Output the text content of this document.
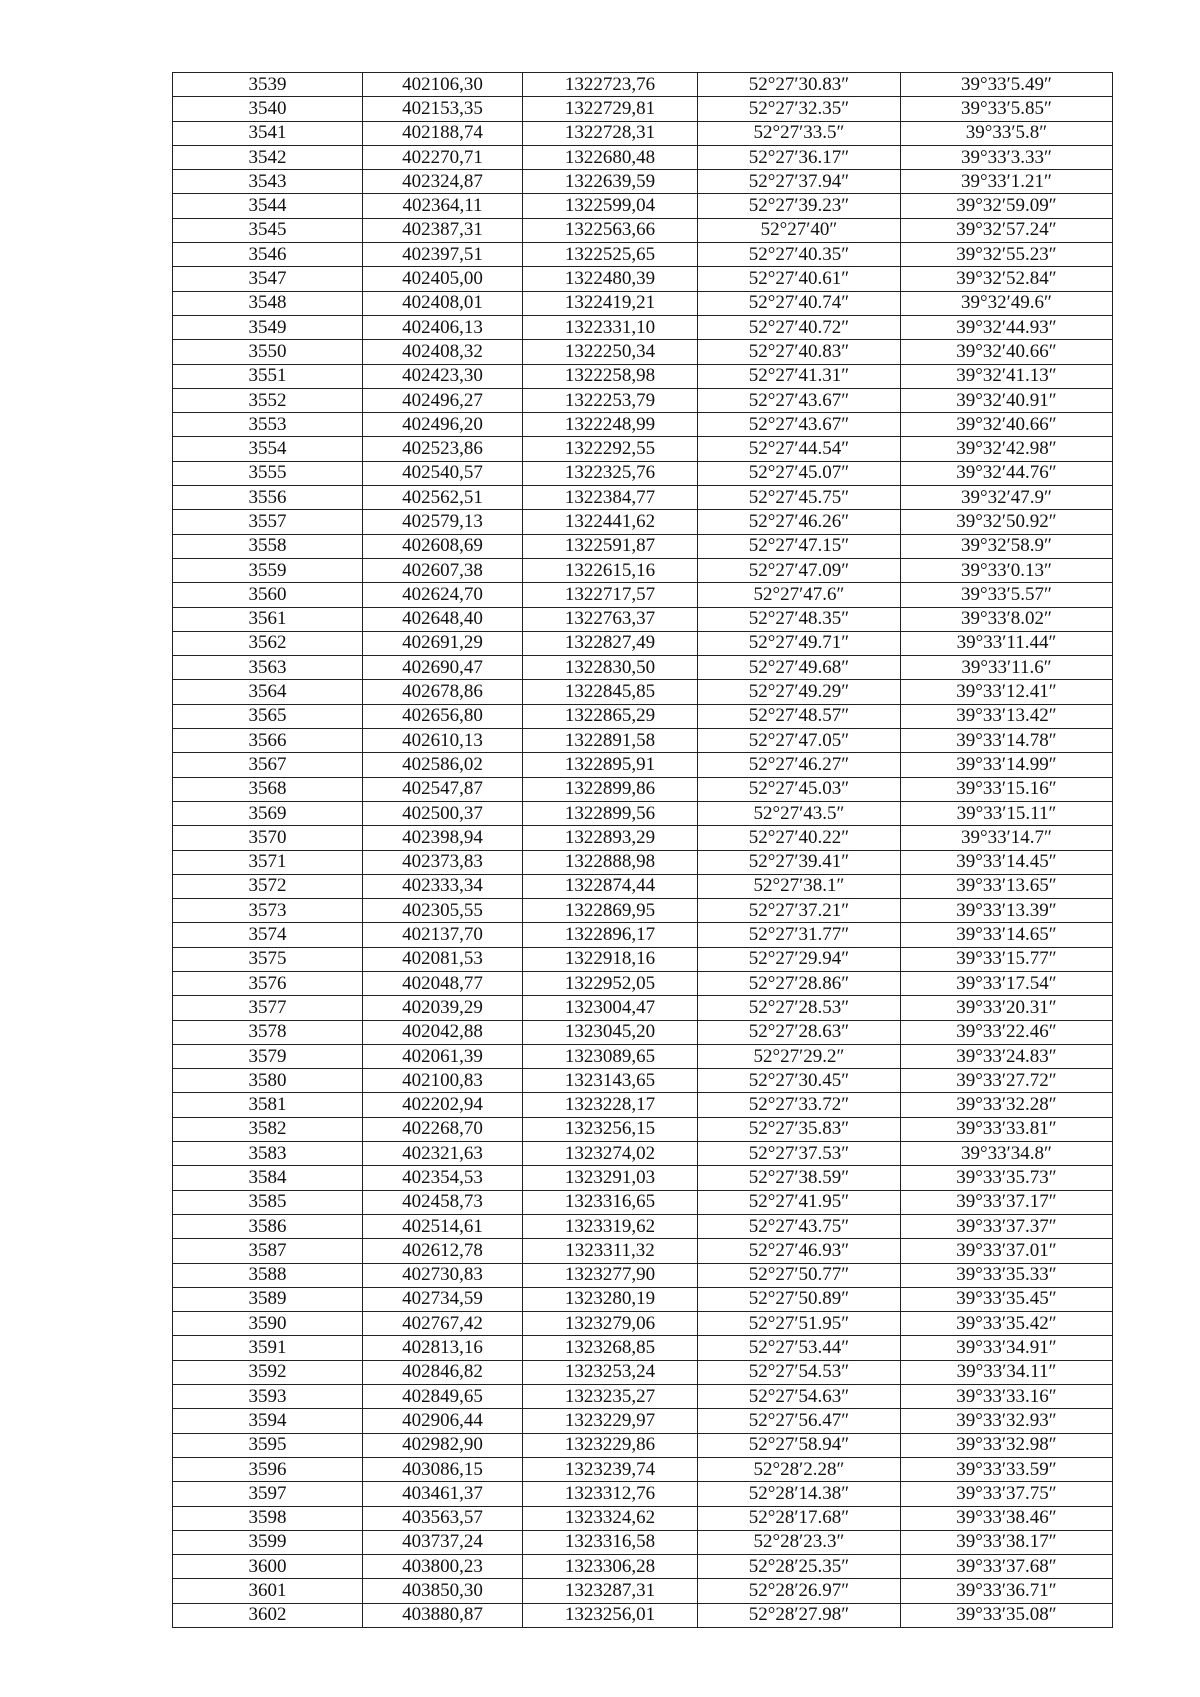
3539	402106,30	1322723,76	52°27′30.83″	39°33′5.49″
3540	402153,35	1322729,81	52°27′32.35″	39°33′5.85″
3541	402188,74	1322728,31	52°27′33.5″	39°33′5.8″
3542	402270,71	1322680,48	52°27′36.17″	39°33′3.33″
3543	402324,87	1322639,59	52°27′37.94″	39°33′1.21″
3544	402364,11	1322599,04	52°27′39.23″	39°32′59.09″
3545	402387,31	1322563,66	52°27′40″	39°32′57.24″
3546	402397,51	1322525,65	52°27′40.35″	39°32′55.23″
3547	402405,00	1322480,39	52°27′40.61″	39°32′52.84″
3548	402408,01	1322419,21	52°27′40.74″	39°32′49.6″
3549	402406,13	1322331,10	52°27′40.72″	39°32′44.93″
3550	402408,32	1322250,34	52°27′40.83″	39°32′40.66″
3551	402423,30	1322258,98	52°27′41.31″	39°32′41.13″
3552	402496,27	1322253,79	52°27′43.67″	39°32′40.91″
3553	402496,20	1322248,99	52°27′43.67″	39°32′40.66″
3554	402523,86	1322292,55	52°27′44.54″	39°32′42.98″
3555	402540,57	1322325,76	52°27′45.07″	39°32′44.76″
3556	402562,51	1322384,77	52°27′45.75″	39°32′47.9″
3557	402579,13	1322441,62	52°27′46.26″	39°32′50.92″
3558	402608,69	1322591,87	52°27′47.15″	39°32′58.9″
3559	402607,38	1322615,16	52°27′47.09″	39°33′0.13″
3560	402624,70	1322717,57	52°27′47.6″	39°33′5.57″
3561	402648,40	1322763,37	52°27′48.35″	39°33′8.02″
3562	402691,29	1322827,49	52°27′49.71″	39°33′11.44″
3563	402690,47	1322830,50	52°27′49.68″	39°33′11.6″
3564	402678,86	1322845,85	52°27′49.29″	39°33′12.41″
3565	402656,80	1322865,29	52°27′48.57″	39°33′13.42″
3566	402610,13	1322891,58	52°27′47.05″	39°33′14.78″
3567	402586,02	1322895,91	52°27′46.27″	39°33′14.99″
3568	402547,87	1322899,86	52°27′45.03″	39°33′15.16″
3569	402500,37	1322899,56	52°27′43.5″	39°33′15.11″
3570	402398,94	1322893,29	52°27′40.22″	39°33′14.7″
3571	402373,83	1322888,98	52°27′39.41″	39°33′14.45″
3572	402333,34	1322874,44	52°27′38.1″	39°33′13.65″
3573	402305,55	1322869,95	52°27′37.21″	39°33′13.39″
3574	402137,70	1322896,17	52°27′31.77″	39°33′14.65″
3575	402081,53	1322918,16	52°27′29.94″	39°33′15.77″
3576	402048,77	1322952,05	52°27′28.86″	39°33′17.54″
3577	402039,29	1323004,47	52°27′28.53″	39°33′20.31″
3578	402042,88	1323045,20	52°27′28.63″	39°33′22.46″
3579	402061,39	1323089,65	52°27′29.2″	39°33′24.83″
3580	402100,83	1323143,65	52°27′30.45″	39°33′27.72″
3581	402202,94	1323228,17	52°27′33.72″	39°33′32.28″
3582	402268,70	1323256,15	52°27′35.83″	39°33′33.81″
3583	402321,63	1323274,02	52°27′37.53″	39°33′34.8″
3584	402354,53	1323291,03	52°27′38.59″	39°33′35.73″
3585	402458,73	1323316,65	52°27′41.95″	39°33′37.17″
3586	402514,61	1323319,62	52°27′43.75″	39°33′37.37″
3587	402612,78	1323311,32	52°27′46.93″	39°33′37.01″
3588	402730,83	1323277,90	52°27′50.77″	39°33′35.33″
3589	402734,59	1323280,19	52°27′50.89″	39°33′35.45″
3590	402767,42	1323279,06	52°27′51.95″	39°33′35.42″
3591	402813,16	1323268,85	52°27′53.44″	39°33′34.91″
3592	402846,82	1323253,24	52°27′54.53″	39°33′34.11″
3593	402849,65	1323235,27	52°27′54.63″	39°33′33.16″
3594	402906,44	1323229,97	52°27′56.47″	39°33′32.93″
3595	402982,90	1323229,86	52°27′58.94″	39°33′32.98″
3596	403086,15	1323239,74	52°28′2.28″	39°33′33.59″
3597	403461,37	1323312,76	52°28′14.38″	39°33′37.75″
3598	403563,57	1323324,62	52°28′17.68″	39°33′38.46″
3599	403737,24	1323316,58	52°28′23.3″	39°33′38.17″
3600	403800,23	1323306,28	52°28′25.35″	39°33′37.68″
3601	403850,30	1323287,31	52°28′26.97″	39°33′36.71″
3602	403880,87	1323256,01	52°28′27.98″	39°33′35.08″
